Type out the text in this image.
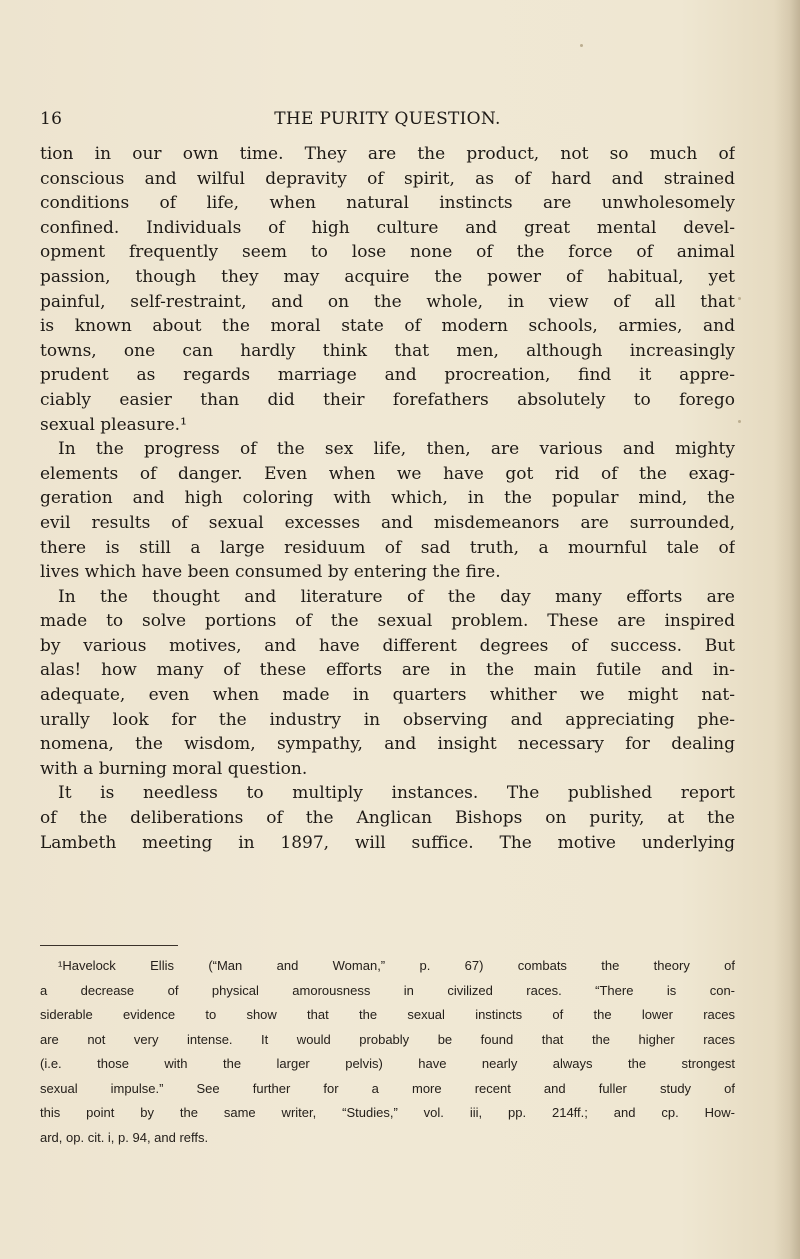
16	THE PURITY QUESTION.
tion in our own time. They are the product, not so much of
conscious and wilful depravity of spirit, as of hard and strained
conditions of life, when natural instincts are unwholesomely
confined. Individuals of high culture and great mental devel-
opment frequently seem to lose none of the force of animal
passion, though they may acquire the power of habitual, yet
painful, self-restraint, and on the whole, in view of all that
is known about the moral state of modern schools, armies, and
towns, one can hardly think that men, although increasingly
prudent as regards marriage and procreation, find it appre-
ciably easier than did their forefathers absolutely to forego
sexual pleasure.¹
In the progress of the sex life, then, are various and mighty
elements of danger. Even when we have got rid of the exag-
geration and high coloring with which, in the popular mind, the
evil results of sexual excesses and misdemeanors are surrounded,
there is still a large residuum of sad truth, a mournful tale of
lives which have been consumed by entering the fire.
In the thought and literature of the day many efforts are
made to solve portions of the sexual problem. These are inspired
by various motives, and have different degrees of success. But
alas! how many of these efforts are in the main futile and in-
adequate, even when made in quarters whither we might nat-
urally look for the industry in observing and appreciating phe-
nomena, the wisdom, sympathy, and insight necessary for dealing
with a burning moral question.
It is needless to multiply instances. The published report
of the deliberations of the Anglican Bishops on purity, at the
Lambeth meeting in 1897, will suffice. The motive underlying
¹Havelock Ellis (“Man and Woman,” p. 67) combats the theory of
a decrease of physical amorousness in civilized races. “There is con-
siderable evidence to show that the sexual instincts of the lower races
are not very intense. It would probably be found that the higher races
(i.e. those with the larger pelvis) have nearly always the strongest
sexual impulse.” See further for a more recent and fuller study of
this point by the same writer, “Studies,” vol. iii, pp. 214ff.; and cp. How-
ard, op. cit. i, p. 94, and reffs.
